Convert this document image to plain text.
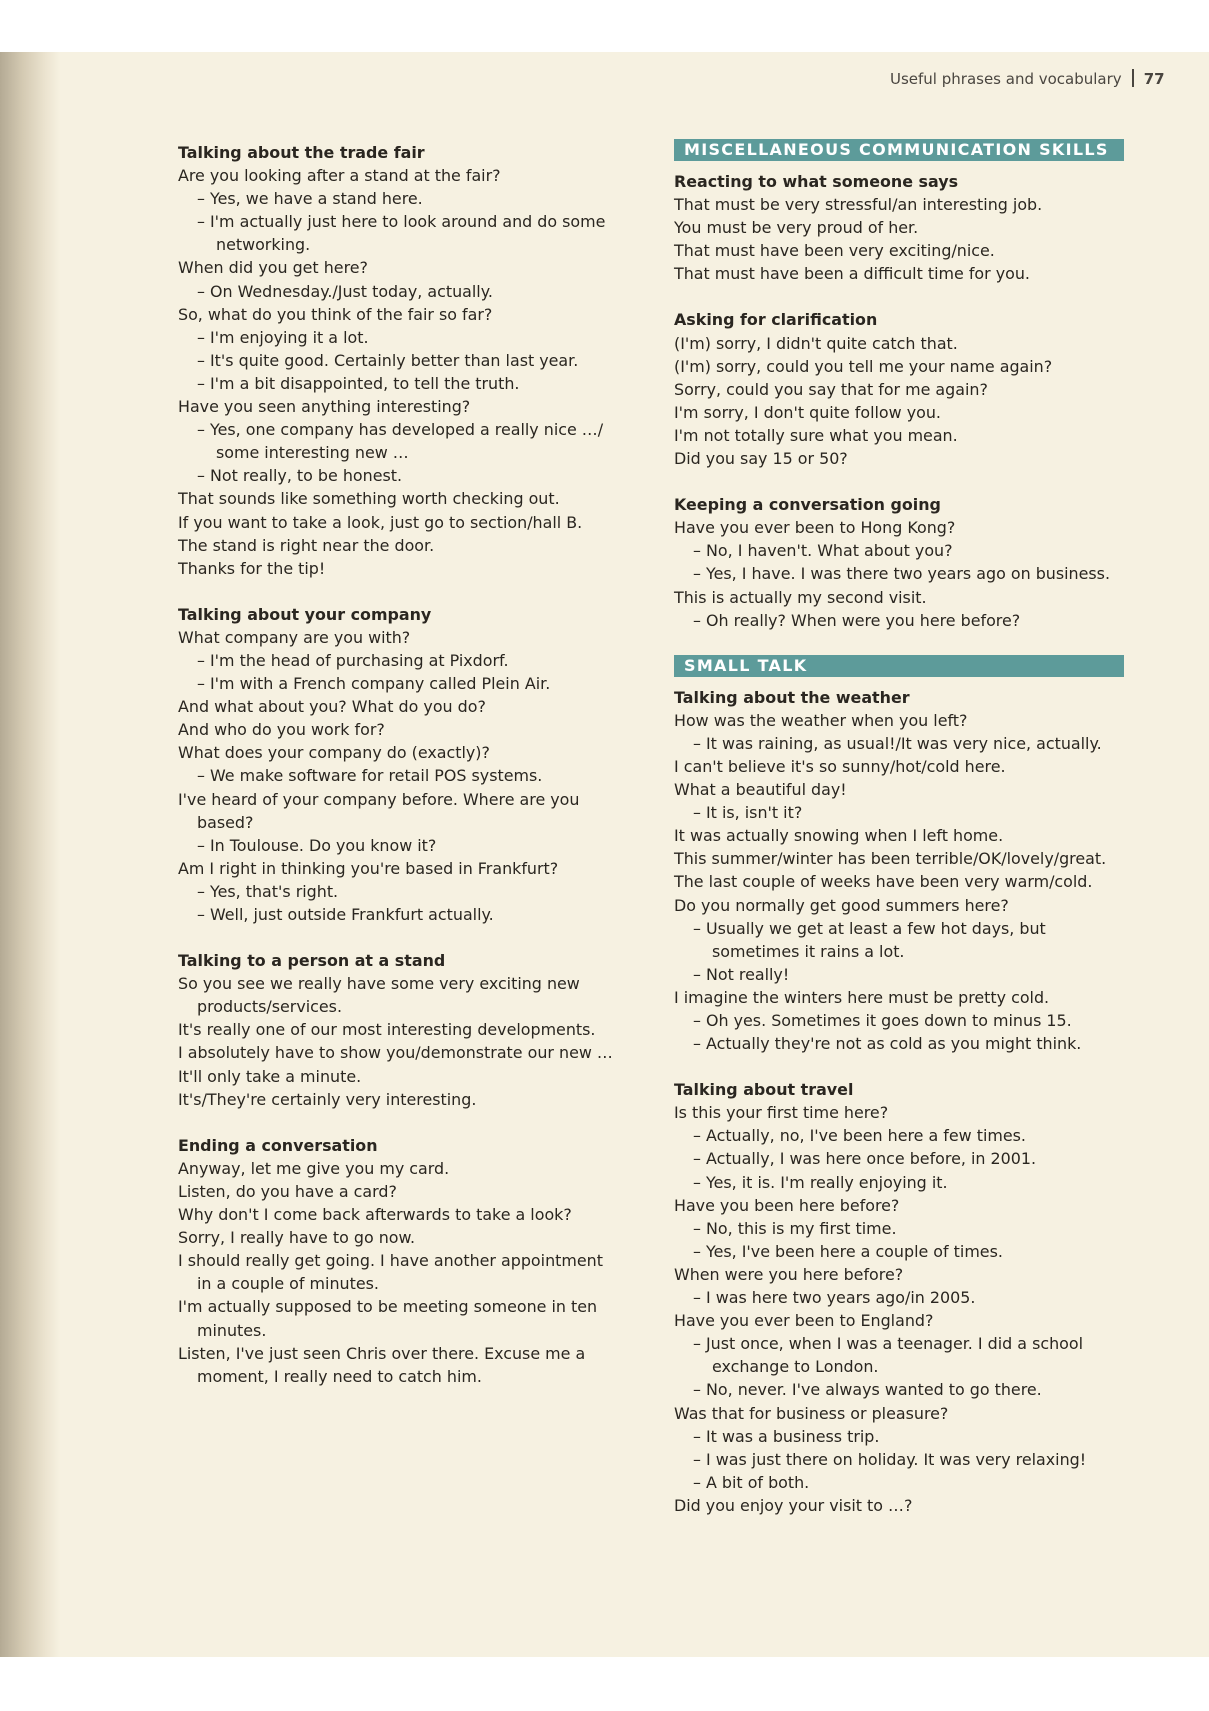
Useful phrases and vocabulary 77
Talking about the trade fair
Are you looking after a stand at the fair?
– Yes, we have a stand here.
– I'm actually just here to look around and do some networking.
When did you get here?
– On Wednesday./Just today, actually.
So, what do you think of the fair so far?
– I'm enjoying it a lot.
– It's quite good. Certainly better than last year.
– I'm a bit disappointed, to tell the truth.
Have you seen anything interesting?
– Yes, one company has developed a really nice …/ some interesting new …
– Not really, to be honest.
That sounds like something worth checking out.
If you want to take a look, just go to section/hall B.
The stand is right near the door.
Thanks for the tip!
Talking about your company
What company are you with?
– I'm the head of purchasing at Pixdorf.
– I'm with a French company called Plein Air.
And what about you? What do you do?
And who do you work for?
What does your company do (exactly)?
– We make software for retail POS systems.
I've heard of your company before. Where are you based?
– In Toulouse. Do you know it?
Am I right in thinking you're based in Frankfurt?
– Yes, that's right.
– Well, just outside Frankfurt actually.
Talking to a person at a stand
So you see we really have some very exciting new products/services.
It's really one of our most interesting developments.
I absolutely have to show you/demonstrate our new …
It'll only take a minute.
It's/They're certainly very interesting.
Ending a conversation
Anyway, let me give you my card.
Listen, do you have a card?
Why don't I come back afterwards to take a look?
Sorry, I really have to go now.
I should really get going. I have another appointment in a couple of minutes.
I'm actually supposed to be meeting someone in ten minutes.
Listen, I've just seen Chris over there. Excuse me a moment, I really need to catch him.
MISCELLANEOUS COMMUNICATION SKILLS
Reacting to what someone says
That must be very stressful/an interesting job.
You must be very proud of her.
That must have been very exciting/nice.
That must have been a difficult time for you.
Asking for clarification
(I'm) sorry, I didn't quite catch that.
(I'm) sorry, could you tell me your name again?
Sorry, could you say that for me again?
I'm sorry, I don't quite follow you.
I'm not totally sure what you mean.
Did you say 15 or 50?
Keeping a conversation going
Have you ever been to Hong Kong?
– No, I haven't. What about you?
– Yes, I have. I was there two years ago on business.
This is actually my second visit.
– Oh really? When were you here before?
SMALL TALK
Talking about the weather
How was the weather when you left?
– It was raining, as usual!/It was very nice, actually.
I can't believe it's so sunny/hot/cold here.
What a beautiful day!
– It is, isn't it?
It was actually snowing when I left home.
This summer/winter has been terrible/OK/lovely/great.
The last couple of weeks have been very warm/cold.
Do you normally get good summers here?
– Usually we get at least a few hot days, but sometimes it rains a lot.
– Not really!
I imagine the winters here must be pretty cold.
– Oh yes. Sometimes it goes down to minus 15.
– Actually they're not as cold as you might think.
Talking about travel
Is this your first time here?
– Actually, no, I've been here a few times.
– Actually, I was here once before, in 2001.
– Yes, it is. I'm really enjoying it.
Have you been here before?
– No, this is my first time.
– Yes, I've been here a couple of times.
When were you here before?
– I was here two years ago/in 2005.
Have you ever been to England?
– Just once, when I was a teenager. I did a school exchange to London.
– No, never. I've always wanted to go there.
Was that for business or pleasure?
– It was a business trip.
– I was just there on holiday. It was very relaxing!
– A bit of both.
Did you enjoy your visit to …?
